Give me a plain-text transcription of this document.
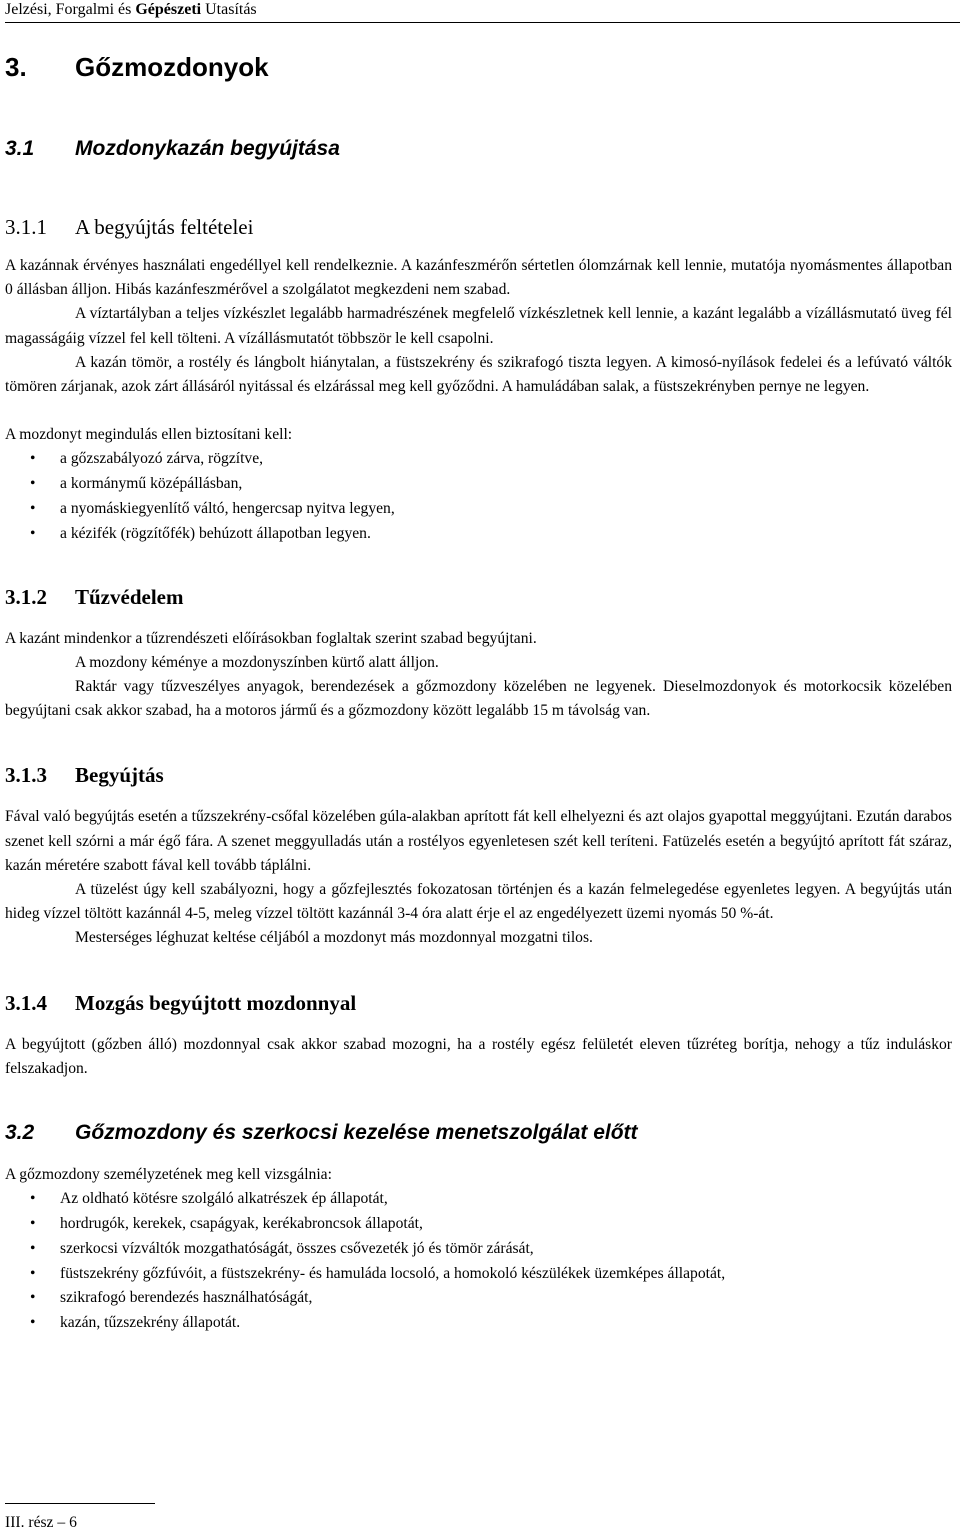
Jelzési, Forgalmi és Gépészeti Utasítás
3.	Gőzmozdonyok
3.1	Mozdonykazán begyújtása
3.1.1	A begyújtás feltételei

A kazánnak érvényes használati engedéllyel kell rendelkeznie. A kazánfeszmérőn sértetlen ólomzárnak kell lennie, mutatója nyomásmentes állapotban 0 állásban álljon. Hibás kazánfeszmérővel a szolgálatot megkezdeni nem szabad.

A víztartályban a teljes vízkészlet legalább harmadrészének megfelelő vízkészletnek kell lennie, a kazánt legalább a vízállásmutató üveg fél magasságáig vízzel fel kell tölteni. A vízállásmutatót többször le kell csapolni.

A kazán tömör, a rostély és lángbolt hiánytalan, a füstszekrény és szikrafogó tiszta legyen. A kimosó-nyílások fedelei és a lefúvató váltók tömören zárjanak, azok zárt állásáról nyitással és elzárással meg kell győződni. A hamuládában salak, a füstszekrényben pernye ne legyen.

A mozdonyt megindulás ellen biztosítani kell:

• a gőzszabályozó zárva, rögzítve,
• a kormánymű középállásban,
• a nyomáskiegyenlítő váltó, hengercsap nyitva legyen,
• a kézifék (rögzítőfék) behúzott állapotban legyen.
3.1.2	Tűzvédelem

A kazánt mindenkor a tűzrendészeti előírásokban foglaltak szerint szabad begyújtani.

A mozdony kéménye a mozdonyszínben kürtő alatt álljon.

Raktár vagy tűzveszélyes anyagok, berendezések a gőzmozdony közelében ne legyenek. Dieselmozdonyok és motorkocsik közelében begyújtani csak akkor szabad, ha a motoros jármű és a gőzmozdony között legalább 15 m távolság van.

3.1.3	Begyújtás

Fával való begyújtás esetén a tűzszekrény-csőfal közelében gúla-alakban aprított fát kell elhelyezni és azt olajos gyapottal meggyújtani. Ezután darabos szenet kell szórni a már égő fára. A szenet meggyulladás után a rostélyos egyenletesen szét kell teríteni. Fatüzelés esetén a begyújtó aprított fát száraz, kazán méretére szabott fával kell tovább táplálni.

A tüzelést úgy kell szabályozni, hogy a gőzfejlesztés fokozatosan történjen és a kazán felmelegedése egyenletes legyen. A begyújtás után hideg vízzel töltött kazánnál 4-5, meleg vízzel töltött kazánnál 3-4 óra alatt érje el az engedélyezett üzemi nyomás 50 %-át.

Mesterséges léghuzat keltése céljából a mozdonyt más mozdonnyal mozgatni tilos.

3.1.4	Mozgás begyújtott mozdonnyal

A begyújtott (gőzben álló) mozdonnyal csak akkor szabad mozogni, ha a rostély egész felületét eleven tűzréteg borítja, nehogy a tűz induláskor felszakadjon.

3.2	Gőzmozdony és szerkocsi kezelése menetszolgálat előtt

A gőzmozdony személyzetének meg kell vizsgálnia:

• Az oldható kötésre szolgáló alkatrészek ép állapotát,
• hordrugók, kerekek, csapágyak, kerékabroncsok állapotát,
• szerkocsi vízváltók mozgathatóságát, összes csővezeték jó és tömör zárását,
• füstszekrény gőzfúvóit, a füstszekrény- és hamuláda locsoló, a homokoló készülékek üzemképes állapotát,
• szikrafogó berendezés használhatóságát,
• kazán, tűzszekrény állapotát.
III. rész – 6
